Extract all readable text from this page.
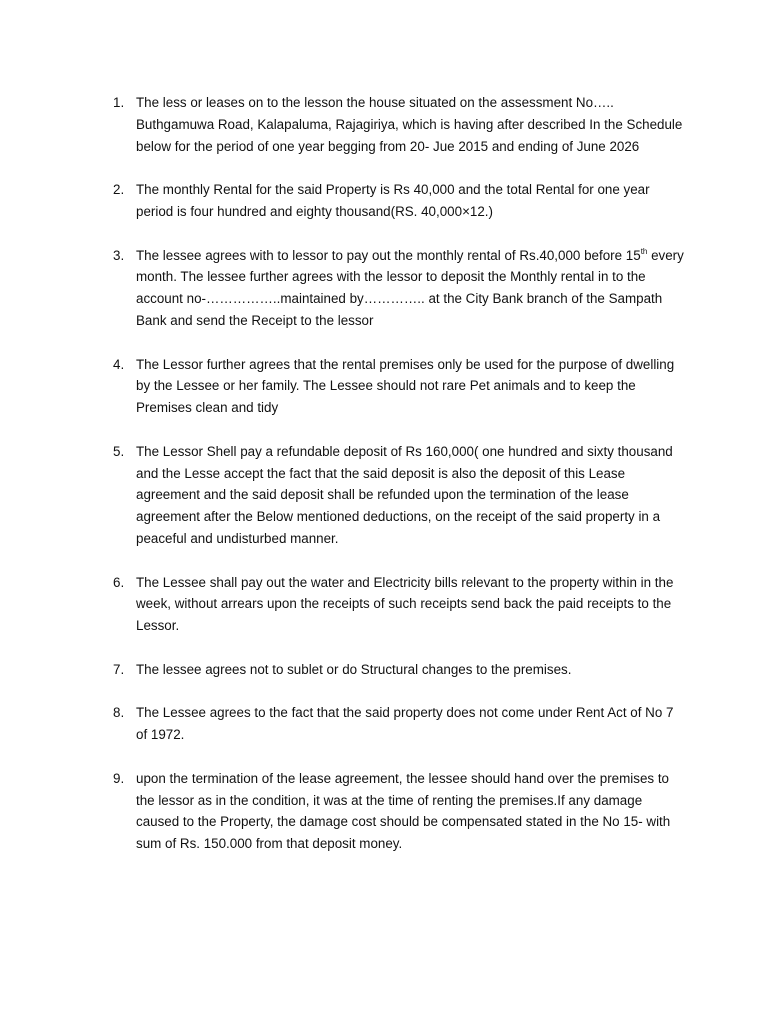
1. The less or leases on to the lesson the house situated on the assessment No….. Buthgamuwa Road, Kalapaluma, Rajagiriya, which is having after described In the Schedule below for the period of one year begging from 20- Jue 2015 and ending of June 2026
2. The monthly Rental for the said Property is Rs 40,000 and the total Rental for one year period is four hundred and eighty thousand(RS. 40,000×12.)
3. The lessee agrees with to lessor to pay out the monthly rental of Rs.40,000 before 15th every month. The lessee further agrees with the lessor to deposit the Monthly rental in to the account no-……………..maintained by………….. at the City Bank branch of the Sampath Bank and send the Receipt to the lessor
4. The Lessor further agrees that the rental premises only be used for the purpose of dwelling by the Lessee or her family. The Lessee should not rare Pet animals and to keep the Premises clean and tidy
5. The Lessor Shell pay a refundable deposit of Rs 160,000( one hundred and sixty thousand and the Lesse accept the fact that the said deposit is also the deposit of this Lease agreement and the said deposit shall be refunded upon the termination of the lease agreement after the Below mentioned deductions, on the receipt of the said property in a peaceful and undisturbed manner.
6. The Lessee shall pay out the water and Electricity bills relevant to the property within in the week, without arrears upon the receipts of such receipts send back the paid receipts to the Lessor.
7. The lessee agrees not to sublet or do Structural changes to the premises.
8. The Lessee agrees to the fact that the said property does not come under Rent Act of No 7 of 1972.
9. upon the termination of the lease agreement, the lessee should hand over the premises to the lessor as in the condition, it was at the time of renting the premises.If any damage caused to the Property, the damage cost should be compensated stated in the No 15- with sum of Rs. 150.000 from that deposit money.
